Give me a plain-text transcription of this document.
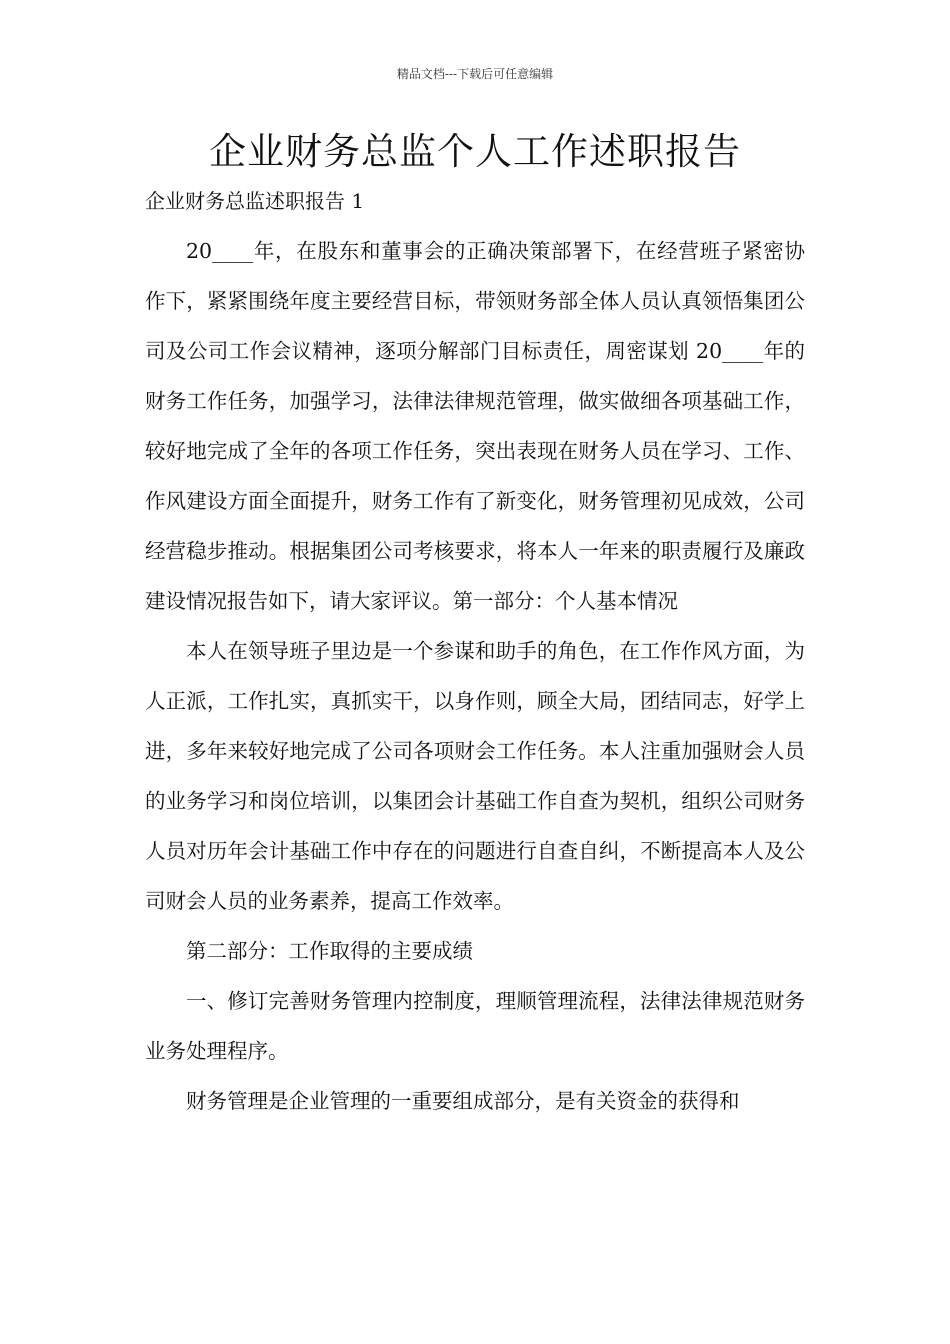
精品文档---下载后可任意编辑
企业财务总监个人工作述职报告
企业财务总监述职报告 1

20____年，在股东和董事会的正确决策部署下，在经营班子紧密协作下，紧紧围绕年度主要经营目标，带领财务部全体人员认真领悟集团公司及公司工作会议精神，逐项分解部门目标责任，周密谋划 20____年的财务工作任务，加强学习，法律法律规范管理，做实做细各项基础工作，较好地完成了全年的各项工作任务，突出表现在财务人员在学习、工作、作风建设方面全面提升，财务工作有了新变化，财务管理初见成效，公司经营稳步推动。根据集团公司考核要求，将本人一年来的职责履行及廉政建设情况报告如下，请大家评议。第一部分：个人基本情况

本人在领导班子里边是一个参谋和助手的角色，在工作作风方面，为人正派，工作扎实，真抓实干，以身作则，顾全大局，团结同志，好学上进，多年来较好地完成了公司各项财会工作任务。本人注重加强财会人员的业务学习和岗位培训，以集团会计基础工作自查为契机，组织公司财务人员对历年会计基础工作中存在的问题进行自查自纠，不断提高本人及公司财会人员的业务素养，提高工作效率。

第二部分：工作取得的主要成绩

一、修订完善财务管理内控制度，理顺管理流程，法律法律规范财务业务处理程序。

财务管理是企业管理的一重要组成部分，是有关资金的获得和
